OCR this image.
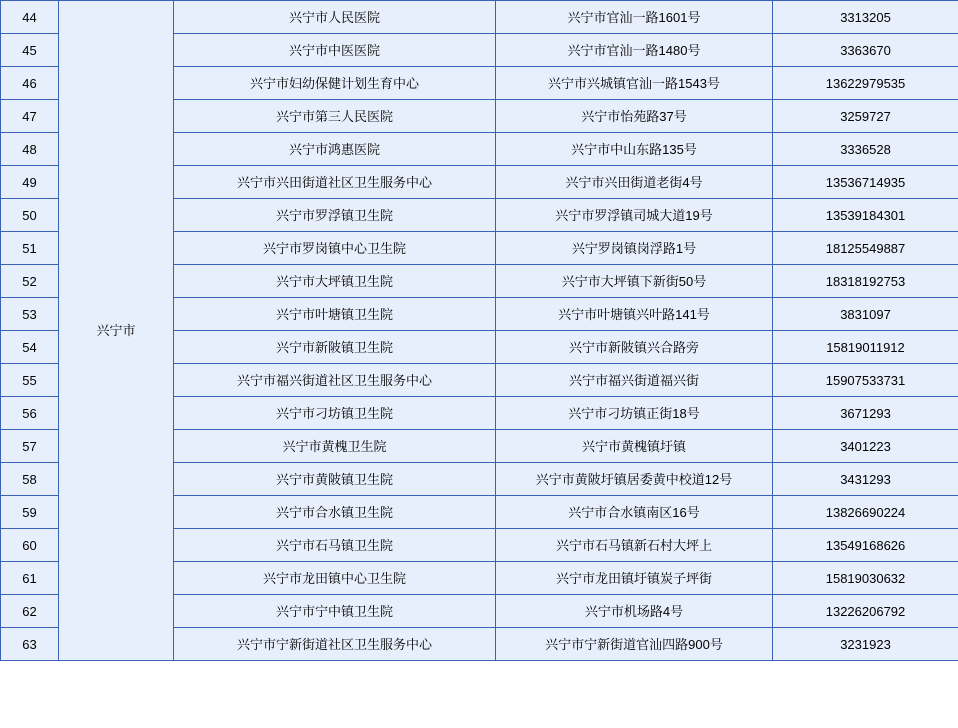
44	兴宁市	兴宁市人民医院	兴宁市官汕一路1601号	3313205

45		兴宁市中医医院	兴宁市官汕一路1480号	3363670

46		兴宁市妇幼保健计划生育中心	兴宁市兴城镇官汕一路1543号	13622979535

47		兴宁市第三人民医院	兴宁市怡苑路37号	3259727

48		兴宁市鸿惠医院	兴宁市中山东路135号	3336528

49		兴宁市兴田街道社区卫生服务中心	兴宁市兴田街道老街4号	13536714935

50		兴宁市罗浮镇卫生院	兴宁市罗浮镇司城大道19号	13539184301

51		兴宁市罗岗镇中心卫生院	兴宁罗岗镇岗浮路1号	18125549887

52		兴宁市大坪镇卫生院	兴宁市大坪镇下新街50号	18318192753

53		兴宁市叶塘镇卫生院	兴宁市叶塘镇兴叶路141号	3831097

54		兴宁市新陂镇卫生院	兴宁市新陂镇兴合路旁	15819011912

55		兴宁市福兴街道社区卫生服务中心	兴宁市福兴街道福兴街	15907533731

56		兴宁市刁坊镇卫生院	兴宁市刁坊镇正街18号	3671293

57		兴宁市黄槐卫生院	兴宁市黄槐镇圩镇	3401223

58		兴宁市黄陂镇卫生院	兴宁市黄陂圩镇居委黄中校道12号	3431293

59		兴宁市合水镇卫生院	兴宁市合水镇南区16号	13826690224

60		兴宁市石马镇卫生院	兴宁市石马镇新石村大坪上	13549168626

61		兴宁市龙田镇中心卫生院	兴宁市龙田镇圩镇炭子坪街	15819030632

62		兴宁市宁中镇卫生院	兴宁市机场路4号	13226206792

63		兴宁市宁新街道社区卫生服务中心	兴宁市宁新街道官汕四路900号	3231923
